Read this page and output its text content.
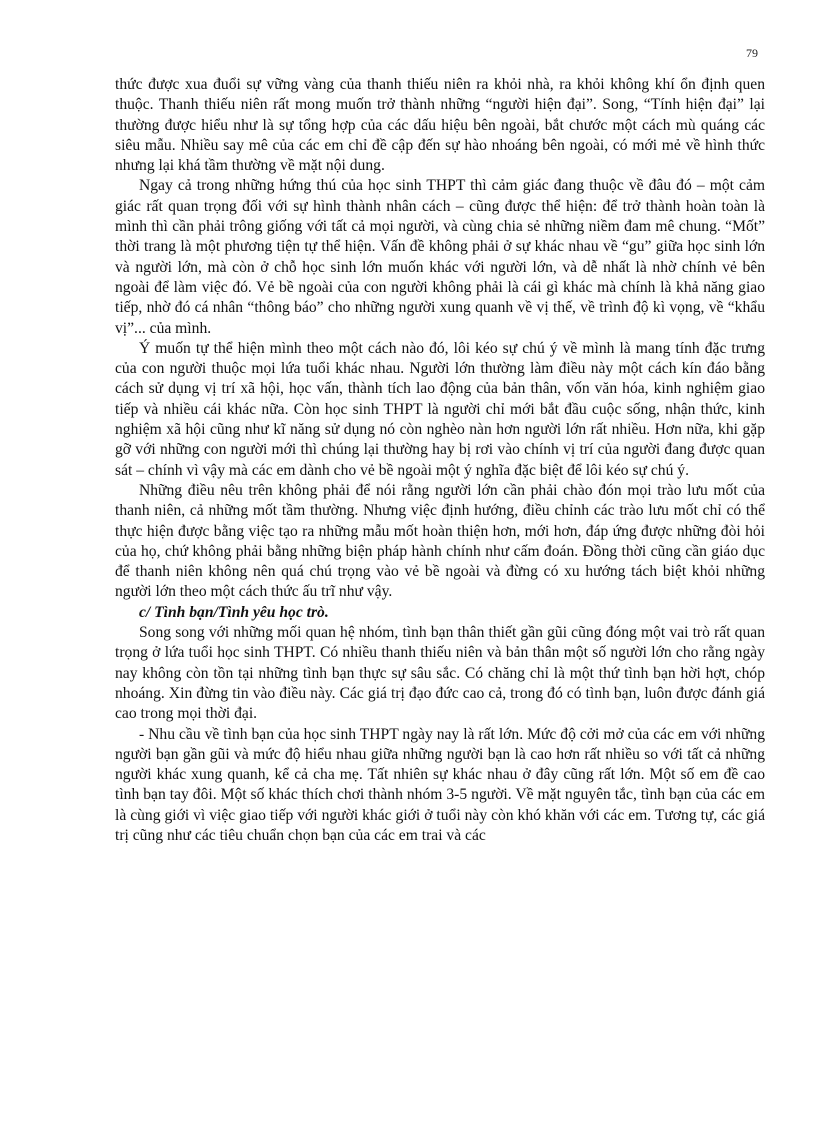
79

thức được xua đuổi sự vững vàng của thanh thiếu niên ra khỏi nhà, ra khỏi không khí ổn định quen thuộc. Thanh thiếu niên rất mong muốn trở thành những “người hiện đại”. Song, “Tính hiện đại” lại thường được hiểu như là sự tổng hợp của các dấu hiệu bên ngoài, bắt chước một cách mù quáng các siêu mẫu. Nhiều say mê của các em chỉ đề cập đến sự hào nhoáng bên ngoài, có mới mẻ về hình thức nhưng lại khá tầm thường về mặt nội dung.

Ngay cả trong những hứng thú của học sinh THPT thì cảm giác đang thuộc về đâu đó – một cảm giác rất quan trọng đối với sự hình thành nhân cách – cũng được thể hiện: để trở thành hoàn toàn là mình thì cần phải trông giống với tất cả mọi người, và cùng chia sẻ những niềm đam mê chung. “Mốt” thời trang là một phương tiện tự thể hiện. Vấn đề không phải ở sự khác nhau về “gu” giữa học sinh lớn và người lớn, mà còn ở chỗ học sinh lớn muốn khác với người lớn, và dễ nhất là nhờ chính vẻ bên ngoài để làm việc đó. Vẻ bề ngoài của con người không phải là cái gì khác mà chính là khả năng giao tiếp, nhờ đó cá nhân “thông báo” cho những người xung quanh về vị thế, về trình độ kì vọng, về “khẩu vị”... của mình.

Ý muốn tự thể hiện mình theo một cách nào đó, lôi kéo sự chú ý về mình là mang tính đặc trưng của con người thuộc mọi lứa tuổi khác nhau. Người lớn thường làm điều này một cách kín đáo bằng cách sử dụng vị trí xã hội, học vấn, thành tích lao động của bản thân, vốn văn hóa, kinh nghiệm giao tiếp và nhiều cái khác nữa. Còn học sinh THPT là người chỉ mới bắt đầu cuộc sống, nhận thức, kinh nghiệm xã hội cũng như kĩ năng sử dụng nó còn nghèo nàn hơn người lớn rất nhiều. Hơn nữa, khi gặp gỡ với những con người mới thì chúng lại thường hay bị rơi vào chính vị trí của người đang được quan sát – chính vì vậy mà các em dành cho vẻ bề ngoài một ý nghĩa đặc biệt để lôi kéo sự chú ý.

Những điều nêu trên không phải để nói rằng người lớn cần phải chào đón mọi trào lưu mốt của thanh niên, cả những mốt tầm thường. Nhưng việc định hướng, điều chỉnh các trào lưu mốt chỉ có thể thực hiện được bằng việc tạo ra những mẫu mốt hoàn thiện hơn, mới hơn, đáp ứng được những đòi hỏi của họ, chứ không phải bằng những biện pháp hành chính như cấm đoán. Đồng thời cũng cần giáo dục để thanh niên không nên quá chú trọng vào vẻ bề ngoài và đừng có xu hướng tách biệt khỏi những người lớn theo một cách thức ấu trĩ như vậy.

c/ Tình bạn/Tình yêu học trò.

Song song với những mối quan hệ nhóm, tình bạn thân thiết gần gũi cũng đóng một vai trò rất quan trọng ở lứa tuổi học sinh THPT. Có nhiều thanh thiếu niên và bản thân một số người lớn cho rằng ngày nay không còn tồn tại những tình bạn thực sự sâu sắc. Có chăng chỉ là một thứ tình bạn hời hợt, chóp nhoáng. Xin đừng tin vào điều này. Các giá trị đạo đức cao cả, trong đó có tình bạn, luôn được đánh giá cao trong mọi thời đại.

- Nhu cầu về tình bạn của học sinh THPT ngày nay là rất lớn. Mức độ cởi mở của các em với những người bạn gần gũi và mức độ hiểu nhau giữa những người bạn là cao hơn rất nhiều so với tất cả những người khác xung quanh, kể cả cha mẹ. Tất nhiên sự khác nhau ở đây cũng rất lớn. Một số em đề cao tình bạn tay đôi. Một số khác thích chơi thành nhóm 3-5 người. Về mặt nguyên tắc, tình bạn của các em là cùng giới vì việc giao tiếp với người khác giới ở tuổi này còn khó khăn với các em. Tương tự, các giá trị cũng như các tiêu chuẩn chọn bạn của các em trai và các
